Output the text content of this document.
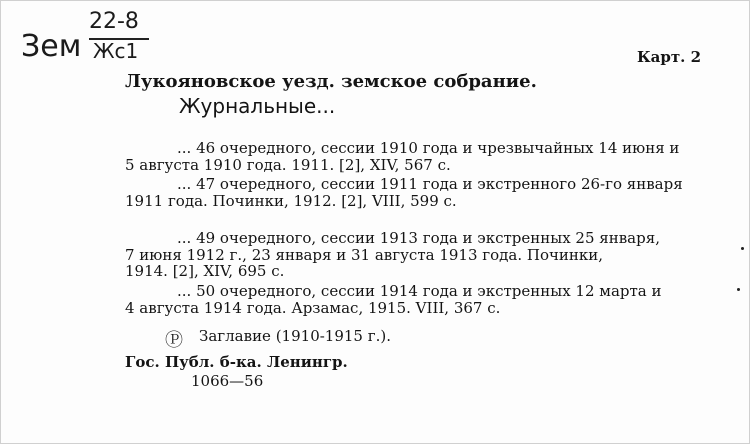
Зем
22-8
Жс1	Карт. 2
Лукояновское уезд. земское собрание.
Журнальные...
... 46 очередного, сессии 1910 года и чрезвычайных 14 июня и
5 августа 1910 года. 1911. [2], XIV, 567 с.
... 47 очередного, сессии 1911 года и экстренного 26-го января
1911 года. Починки, 1912. [2], VIII, 599 с.
... 49 очередного, сессии 1913 года и экстренных 25 января,
7 июня 1912 г., 23 января и 31 августа 1913 года. Починки,
1914. [2], XIV, 695 с.
... 50 очередного, сессии 1914 года и экстренных 12 марта и
4 августа 1914 года. Арзамас, 1915. VIII, 367 с.
Ⓟ Заглавие (1910-1915 г.).
Гос. Публ. б-ка. Ленингр.
1066—56
